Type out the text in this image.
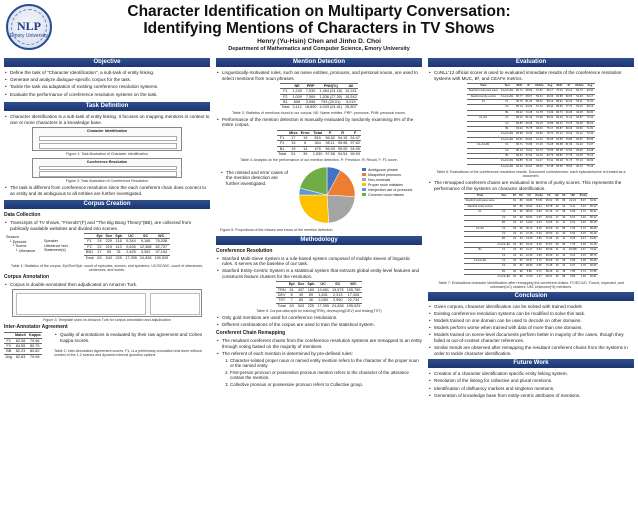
NLP
Emory University
Character Identification on Multiparty Conversation:
Identifying Mentions of Characters in TV Shows
Henry (Yu-Hsin) Chen and Jinho D. Choi
Department of Mathematics and Computer Science, Emory University
Objective
• Define the task of "Character Identification", a sub-task of entity linking.
• Generate and analyze dialogue-specific corpus for the task.
• Tackle the task via adaptation of existing coreference resolution systems.
• Evaluate the performance of coreference resolution systems on the task.
Task Definition
• Character Identification is a sub-task of entity linking. It focuses on mapping mentions in context to one or more characters in a knowledge base.
Character Identification
Figure 1: Task illustration of Character Identification
Coreference Resolution
Figure 2: Task illustration of Coreference Resolution
• The task is different from coreference resolution since the each coreferent chain does connect to an entity and its ambiguous to all entities are further investigated.
Corpus Creation
Data Collection
• Transcripts of TV shows, "Friends"(F) and "The Big Bang Theory"(BB), are collected from publically available websites and divided into scenes.
Season
└ Episode
└ Scene
└ Utterance
Speaker
Utterance text
Statement(s)
	Epi	Sce	Spk	UC	SC	WC
F1	24	229	116	5,344	9,168	76,038
F2	22	219	113	9,626	12,368	82,737
BB1	17	95	31	2,425	3,302	37,154
Total	63	543	225	17,395	24,838	195,929
Table 1: Statistics of the corpus. Epi/Sce/Spk: count of episodes, scenes, and speakers. UC/SC/WC: count of utterances, sentences, and words.
Corpus Annotation
• Corpus is double-annotated then adjudicated on Amazon Turk.
Figure 3: Template used on Amazon Turk for corpus annotation and adjudication
Inter-Annotator Agreement
	Match	Kappa
F1	82.08	79.96
F2	84.55	80.75
BB	82.23	80.82
Avg	82.83	79.96
• Quality of annotations is evaluated by their raw agreement and Cohen Kappa scores.
Table 2: Inter-Annotation Agreement scores. F1₁ is a preliminary annotation trial done without context of the 1-2 scenes and dynamic interval question options
Mention Detection
• Linguistically-motivated rules, such as name entities, pronouns, and personal nouns, are used to select mentions from noun phrases.
	NE	PRP	PNN(%)	All
F1	1,245	7,530	1,464 (24.18)	10,241
F2	1,009	7,569	1,536 (27.26)	10,542
B1	606	3,596	793 (20.01)	5,019
Total	3,112	18,890	4,033 (24.41)	25,807
Table 3: Statistics of mentions found in our corpus. NE: Name entities. PRP: pronouns. PNN: personal nouns.
• Performance of the mention detection is manually evaluated by randomly examining 5% of the entire corpus.
	Miss	Error	Total	P	R	F
F1	17	19	815	96.82	94.15	94.47
F2	15	6	344	98.11	95.98	97.62
B1	19	14	475	96.93	95.05	94.95
Total	51	39	1,530	97.58	94.54	95.93
Table 4: Analysis on the performance of our mention detection. P: Precision, R: Recall, F: F1 score.
• The missed and error cases of the mention detection are further investigated.
Ambiguous phrase
Misspelled pronouns
Non-nominals
Proper noun mistakes
Interjection use of pronouns
Common noun misses
Figure 5: Proportions of the misses and errors of the mention detection
Methodology
Coreference Resolution
• Stanford Multi-Sieve System is a rule-based system composed of multiple sieves of linguistic rules. It serves as the baseline of our task.
• Stanford Entity-Centric System is a statistical system that extracts global entity-level features and constructs feature clusters for the resolution.
	Epi	Sce	Spk	UC	SC	WC
TRN	51	437	180	13,681	19,575	155,789
DEV	6	49	59	1,631	2,313	17,406
TST	7	80	46	2,083	2,950	22,734
Total	63	543	225	17,395	24,838	195,929
Table 5: Corpus data split for training(TRN), developing(DEV) and testing(TST)
• Only gold mentions are used for coreference resolutions.
• Different combinations of the corpus are used to train the statistical system.
Coreferent Chain Remapping
• The resultant coreferent chains from the coreference resolution systems are remapped to an entity through voting based on the majority of mentions.
• The referent of each mention is determined by pre-defined rules:
1. Character-related proper noun or named entity mention refers to the character of the proper noun or the named entity.
2. First-person pronoun or possessive pronoun mention refers to the character of the utterance contain the mention.
3. Collective pronoun or possessive pronoun refers to Collective group.
Evaluation
• CoNLL'12 official scorer is used to evaluated immediate results of the coreference resolution systems with MUC, B³, and CEAFe metrics.
Train	Test	MUC	B³	CEAFe	Avg	MUC	B³	CEAFe	Avg
Stanford multi-pass sieve	F1+F2+B1	80.71	68.99	57.81	69.17	76.04	54.12	50.73	63.90
Stanford entity-centric	F1+F2+B1	80.77	68.57	59.64	69.66	82.58	69.55	54.48	64.17
F1	F1	90.79	81.25	68.61	80.19	88.91	62.23	63.11	71.01
	F2	85.14	64.06	57.13	68.44	85.56	77.74	54.16	69.13
	B1	86.02	73.48	61.78	74.09	86.73	60.38	64.08	69.80
F1+F2	F1	88.10	81.99	67.98	80.02	86.46	71.10	60.87	73.41
	F2	80.85	69.39	63.15	73.89	86.41	74.73	54.48	68.20
	B1	83.94	75.78	68.61	75.17	86.87	83.33	64.69	71.81
	F1+F2+B1	83.98	73.30	63.80	75.70	87.13	70.23	61.12	73.40
	F1+F2+B1	84.61	69.82	61.31	66.65	84.55	79.86	60.51	65.55
F1+F2+B1	F1	86.71	79.58	67.15	79.28	89.58	81.59	61.23	74.37
	F2	80.13	73.61	64.74	73.55	85.38	72.54	60.90	64.08
	B1	86.52	97.09	64.16	83.79	88.81	77.78	61.05	76.13
	F1+F2+B1	83.85	71.63	61.47	70.11	86.18	71.73	57.14	69.93
	F1+F2+B1	82.94	60.91	68.60	67.38	95.59	78.53	60.13	75.16
Table 6: Evaluations of the coreference resolution results. Document cohesiveness: each episode/scene is treated as a document.
• The remapped coreferent chains are evaluated in terms of purity scores. This represents the performance of the systems on character identification.
Train	Test	FC	EC	UC	Purity	FC	EC	UC	UM	Purity	
Stanford multi-pass sieve		81	89	43.80	57.81	45.02	65	89	22.23	8.97	64.01
Stanford entity-centric		86	89	32.91	8.41	54.78	26	44	9.11	3.43	69.12
F1	F1	59	99	58.23	6.50	61.15	27	58	6.96	2.74	50.21
	F2	62	99	53.51	3.37	62.51	17	34	5.01	1.40	65.12
	B1	34	34	14.09	3.04	73.05	16	14	6.31	3.46	58.18
F1+F2	F1	59	50	36.12	8.25	62.50	22	58	7.06	2.72	58.28
	F2	23	34	27.45	5.33	62.50	22	34	6.53	3.15	69.18
	B1	22	34	13.50	4.89	71.34	16	14	9.26	3.41	61.81
	F1+F2+B1	64	89	64.22	8.49	67.07	50	89	7.78	3.35	61.78
B1	F1	23	50	21.17	5.54	60.99	11	12	10.008	3.67	73.02
	F2	23	34	12.45	3.96	65.29	13	34	9.16	3.33	58.76
F1+F2+B1	F1	25	50	18.37	4.72	66.28	25	28	5.98	3.38	55.68
	F2	34	50	28.96	6.56	71.28	15	24	6.07	2.75	60.05
	B1	30	99	5.89	5.71	68.16	19	18	7.85	3.74	67.86
	F1+F2+B1	65	89	27.60	1.27	69.21	36	88	6.84	1.39	62.81
Table 7: Evaluations character identification after remapping the coreferent chains. FC/EC/UC: Found, expected, and unknown(UC) clusters. UM: Unknown(%) mentions.
Conclusion
• Given corpora, character identification can be solved with trained models
• Existing coreference resolution systems can be modified to solve this task.
• Models trained on one domain can be used to decode on other domains.
• Models perform worse when trained with data of more than one domains.
• Models trained on scene-level documents perform better in majority of the cases, though they failed at out-of-context character references.
• Similar trends are observed after remapping the resultant coreferent chains from the systems in order to tackle character identification.
Future Work
• Creation of a character identification specific entity linking system.
• Resolution of the linking for collective and plural mentions.
• Identification of disfluency markers and singleton mentions.
• Generation of knowledge base from entity-centric attributes of mentions.
